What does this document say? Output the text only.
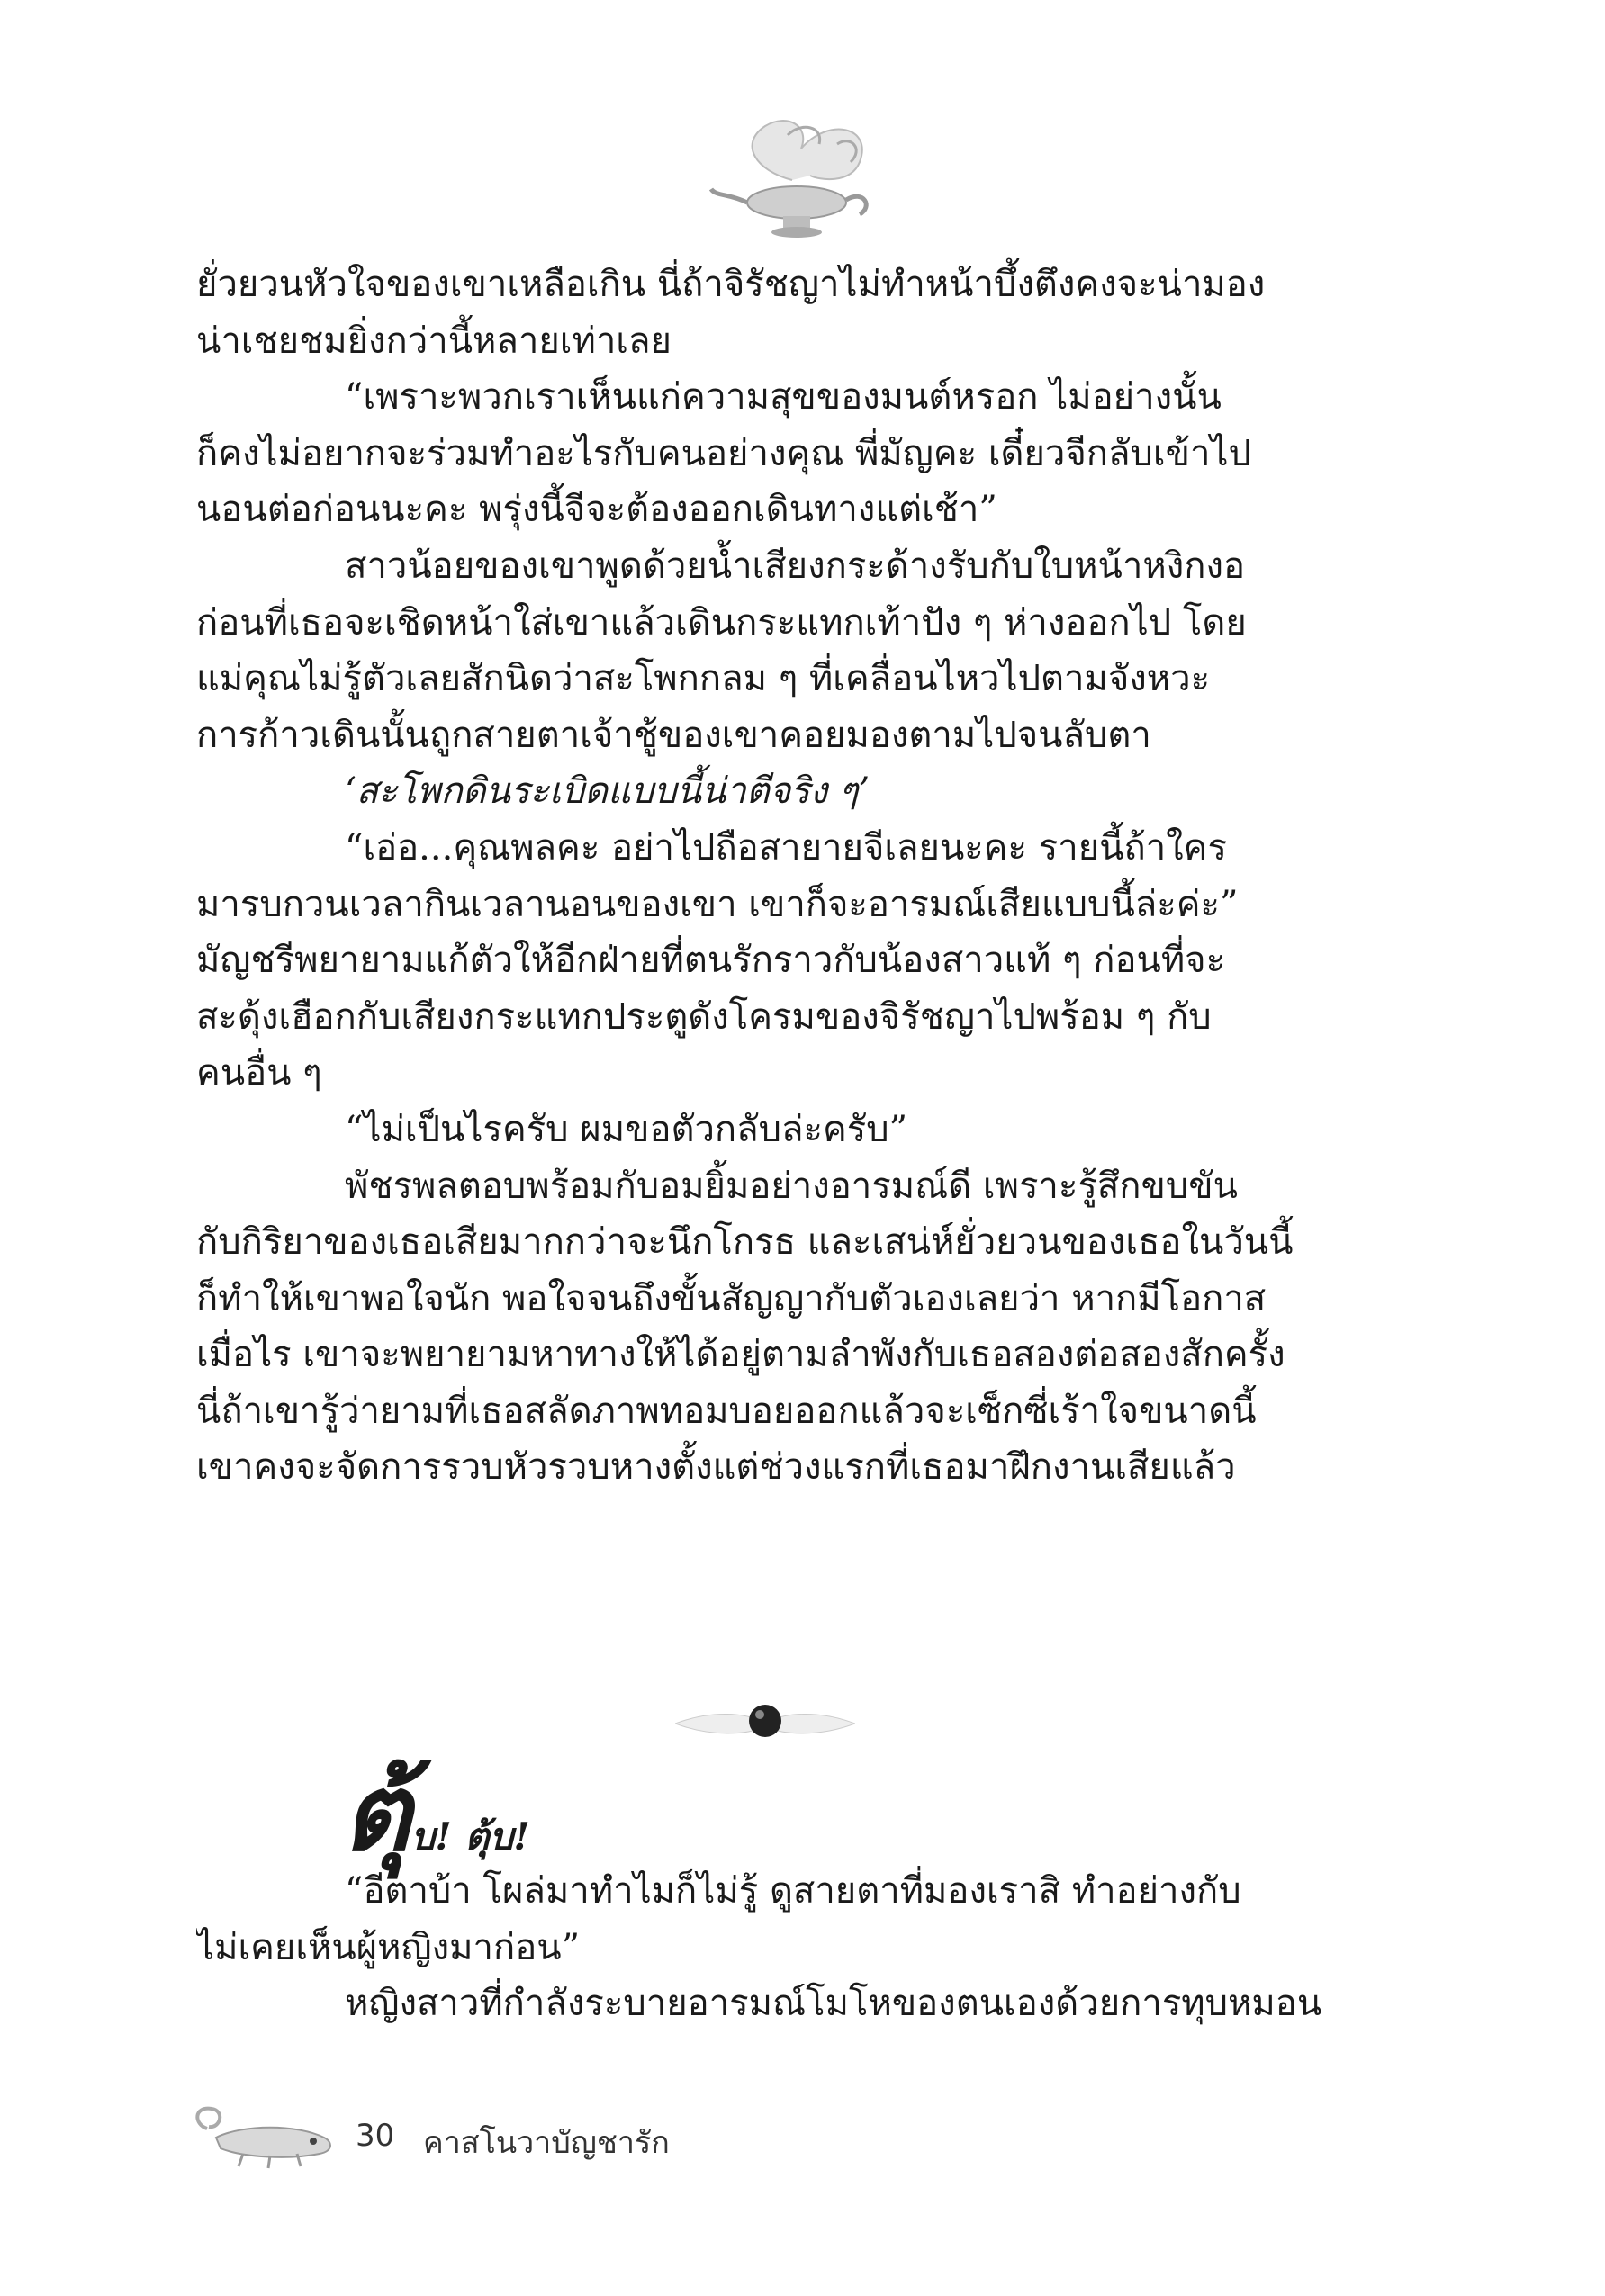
ยั่วยวนหัวใจของเขาเหลือเกิน นี่ถ้าจิรัชญาไม่ทำหน้าบึ้งตึงคงจะน่ามอง
น่าเชยชมยิ่งกว่านี้หลายเท่าเลย
“เพราะพวกเราเห็นแก่ความสุขของมนต์หรอก ไม่อย่างนั้น
ก็คงไม่อยากจะร่วมทำอะไรกับคนอย่างคุณ พี่มัญคะ เดี๋ยวจีกลับเข้าไป
นอนต่อก่อนนะคะ พรุ่งนี้จีจะต้องออกเดินทางแต่เช้า”
สาวน้อยของเขาพูดด้วยน้ำเสียงกระด้างรับกับใบหน้าหงิกงอ
ก่อนที่เธอจะเชิดหน้าใส่เขาแล้วเดินกระแทกเท้าปัง ๆ ห่างออกไป โดย
แม่คุณไม่รู้ตัวเลยสักนิดว่าสะโพกกลม ๆ ที่เคลื่อนไหวไปตามจังหวะ
การก้าวเดินนั้นถูกสายตาเจ้าชู้ของเขาคอยมองตามไปจนลับตา
‘สะโพกดินระเบิดแบบนี้น่าตีจริง ๆ’
“เอ่อ...คุณพลคะ อย่าไปถือสายายจีเลยนะคะ รายนี้ถ้าใคร
มารบกวนเวลากินเวลานอนของเขา เขาก็จะอารมณ์เสียแบบนี้ล่ะค่ะ”
มัญชรีพยายามแก้ตัวให้อีกฝ่ายที่ตนรักราวกับน้องสาวแท้ ๆ ก่อนที่จะ
สะดุ้งเฮือกกับเสียงกระแทกประตูดังโครมของจิรัชญาไปพร้อม ๆ กับ
คนอื่น ๆ
“ไม่เป็นไรครับ ผมขอตัวกลับล่ะครับ”
พัชรพลตอบพร้อมกับอมยิ้มอย่างอารมณ์ดี เพราะรู้สึกขบขัน
กับกิริยาของเธอเสียมากกว่าจะนึกโกรธ และเสน่ห์ยั่วยวนของเธอในวันนี้
ก็ทำให้เขาพอใจนัก พอใจจนถึงขั้นสัญญากับตัวเองเลยว่า หากมีโอกาส
เมื่อไร เขาจะพยายามหาทางให้ได้อยู่ตามลำพังกับเธอสองต่อสองสักครั้ง
นี่ถ้าเขารู้ว่ายามที่เธอสลัดภาพทอมบอยออกแล้วจะเซ็กซี่เร้าใจขนาดนี้
เขาคงจะจัดการรวบหัวรวบหางตั้งแต่ช่วงแรกที่เธอมาฝึกงานเสียแล้ว
ตุ้บ! ตุ้บ!
“อีตาบ้า โผล่มาทำไมก็ไม่รู้ ดูสายตาที่มองเราสิ ทำอย่างกับ
ไม่เคยเห็นผู้หญิงมาก่อน”
หญิงสาวที่กำลังระบายอารมณ์โมโหของตนเองด้วยการทุบหมอน
30 คาสโนวาบัญชารัก
